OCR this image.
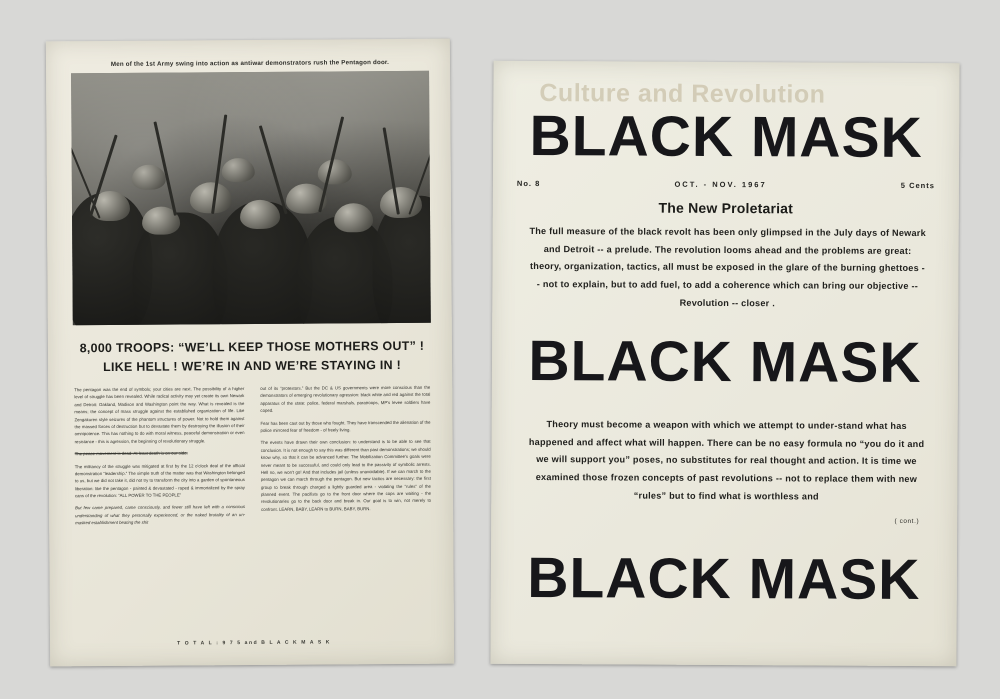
Men of the 1st Army swing into action as antiwar demonstrators rush the Pentagon door.
8,000 TROOPS: “WE’LL KEEP THOSE MOTHERS OUT” !
LIKE HELL ! WE’RE IN AND WE’RE STAYING IN !

The pentagon was the end of symbols; your cities are next. The possibility of a higher level of struggle has been revealed. While radical activity may yet create its own Newark and Detroit: Oakland, Madison and Washington point the way. What is revealed is the means; the concept of mass struggle against the established organization of life. Like Zengakuren style seizures of the phantom structures of power. Not to hold them against the massed forces of destruction but to devastate them by destroying the illusion of their omnipotence. This has nothing to do with moral witness, peaceful demonstration or even resistance - this is agression, the beginning of revolutionary struggle.

The peace movement is dead. At least death is on our side.

The militancy of the struggle was mitigated at first by the 12 o'clock deal of the official demonstration “leadership.” The simple truth of the matter was that Washington belonged to us, but we did not take it, did not try to transform the city into a garden of spontaneous liberation: like the pentagon - painted & devastated - raped & immortalized by the spray cans of the revolution: “ALL POWER TO THE PEOPLE”

But few came prepared, came consciously, and fewer still have left with a conscious understanding of what they personally experienced, or the naked brutality of an un-masked establishment beating the shit

out of its “protestors.” But the DC & US governments were more conscious than the demonstrators of emerging revolutionary agression: black white and red against the total apparatus of the state: police, federal marshals, paratroops, MP's levee soldiers have coped.

Fear has been cast out by those who fought. They have transcended the alienation of the police mirrored fear of freedom - of freely living.

The events have drawn their own conclusion: to understand is to be able to see that conclusion. It is not enough to say this was different than past demonstrations; we should know why, so that it can be advanced further. The Mobilization Committee's goals were never meant to be successful, and could only lead to the passivity of symbolic arrests. Hell no, we won't go! And that includes jail (unless unavoidable). If we can march to the pentagon we can march through the pentagon. But new tactics are necessary: the first group to break through charged a lightly guarded area - violating the “rules” of the planned event. The pacifists go to the front door where the cops are waiting - the revolutionaries go to the back door and break in. Our goal is to win, not merely to confront. LEARN, BABY, LEARN to BURN, BABY, BURN.

T O T A L : 9 7 5 and B L A C K M A S K
Culture and Revolution
BLACK MASK
No. 8	OCT. - NOV. 1967	5 Cents
The New Proletariat
The full measure of the black revolt has been only glimpsed in the July days of Newark and Detroit -- a prelude. The revolution looms ahead and the problems are great: theory, organization, tactics, all must be exposed in the glare of the burning ghettoes -- not to explain, but to add fuel, to add a coherence which can bring our objective -- Revolution -- closer .
BLACK MASK
Theory must become a weapon with which we attempt to under-stand what has happened and affect what will happen. There can be no easy formula no “you do it and we will support you” poses, no substitutes for real thought and action. It is time we examined those frozen concepts of past revolutions -- not to replace them with new “rules” but to find what is worthless and
( cont.)
BLACK MASK
